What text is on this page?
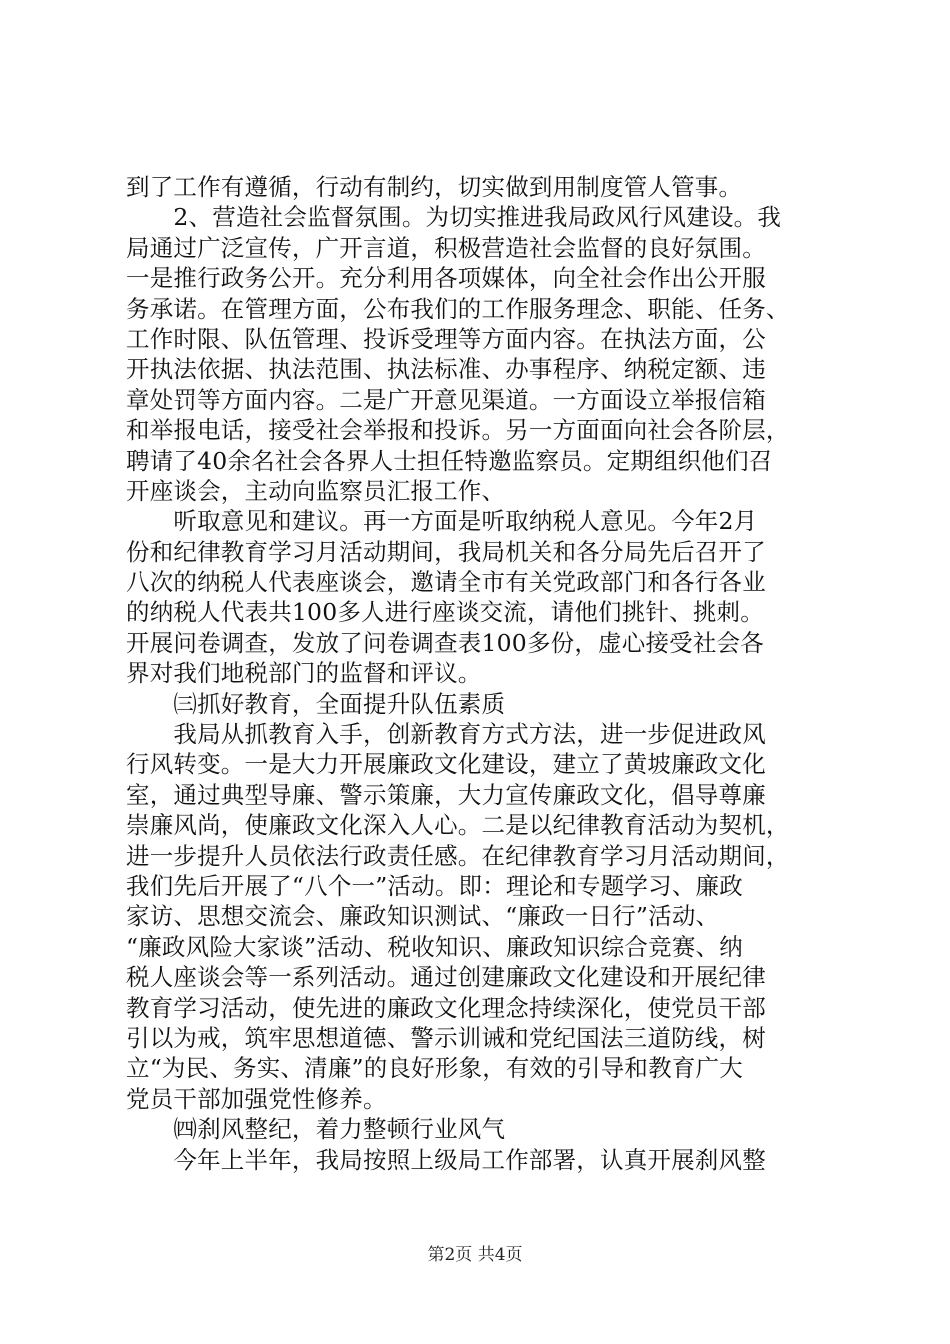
到了工作有遵循，行动有制约，切实做到用制度管人管事。
　　2、营造社会监督氛围。为切实推进我局政风行风建设。我
局通过广泛宣传，广开言道，积极营造社会监督的良好氛围。
一是推行政务公开。充分利用各项媒体，向全社会作出公开服
务承诺。在管理方面，公布我们的工作服务理念、职能、任务、
工作时限、队伍管理、投诉受理等方面内容。在执法方面，公
开执法依据、执法范围、执法标准、办事程序、纳税定额、违
章处罚等方面内容。二是广开意见渠道。一方面设立举报信箱
和举报电话，接受社会举报和投诉。另一方面面向社会各阶层，
聘请了40余名社会各界人士担任特邀监察员。定期组织他们召
开座谈会，主动向监察员汇报工作、
　　听取意见和建议。再一方面是听取纳税人意见。今年2月
份和纪律教育学习月活动期间，我局机关和各分局先后召开了
八次的纳税人代表座谈会，邀请全市有关党政部门和各行各业
的纳税人代表共100多人进行座谈交流，请他们挑针、挑刺。
开展问卷调查，发放了问卷调查表100多份，虚心接受社会各
界对我们地税部门的监督和评议。
　　㈢抓好教育，全面提升队伍素质
　　我局从抓教育入手，创新教育方式方法，进一步促进政风
行风转变。一是大力开展廉政文化建设，建立了黄坡廉政文化
室，通过典型导廉、警示策廉，大力宣传廉政文化，倡导尊廉
崇廉风尚，使廉政文化深入人心。二是以纪律教育活动为契机，
进一步提升人员依法行政责任感。在纪律教育学习月活动期间，
我们先后开展了“八个一”活动。即：理论和专题学习、廉政
家访、思想交流会、廉政知识测试、“廉政一日行”活动、
“廉政风险大家谈”活动、税收知识、廉政知识综合竞赛、纳
税人座谈会等一系列活动。通过创建廉政文化建设和开展纪律
教育学习活动，使先进的廉政文化理念持续深化，使党员干部
引以为戒，筑牢思想道德、警示训诫和党纪国法三道防线，树
立“为民、务实、清廉”的良好形象，有效的引导和教育广大
党员干部加强党性修养。
　　㈣刹风整纪，着力整顿行业风气
　　今年上半年，我局按照上级局工作部署，认真开展刹风整
第2页 共4页
